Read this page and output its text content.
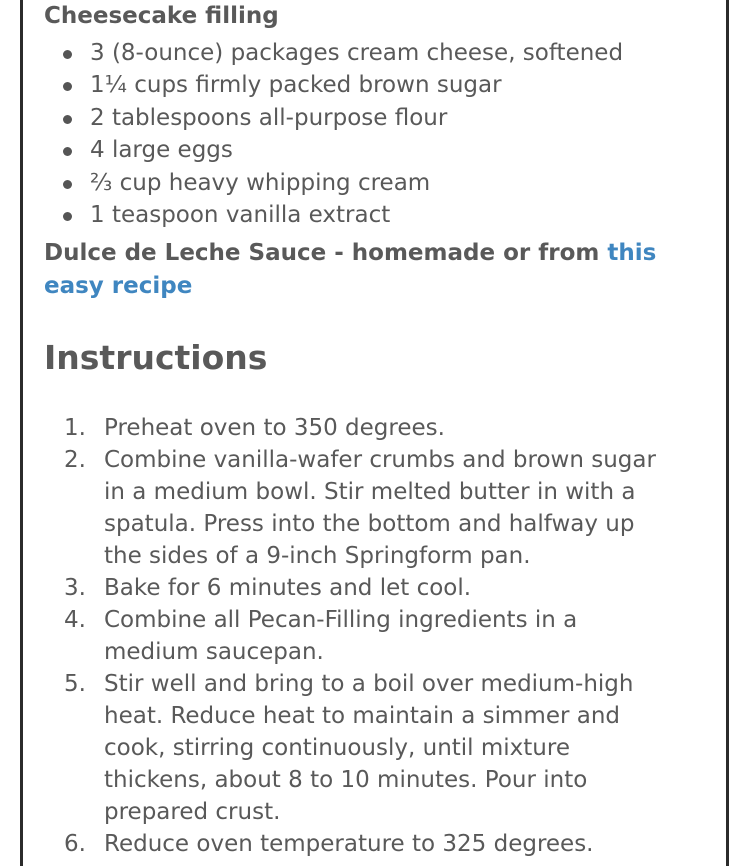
Cheesecake filling
3 (8-ounce) packages cream cheese, softened
1¼ cups firmly packed brown sugar
2 tablespoons all-purpose flour
4 large eggs
⅔ cup heavy whipping cream
1 teaspoon vanilla extract

Dulce de Leche Sauce - homemade or from this
easy recipe

Instructions
1. Preheat oven to 350 degrees.
2. Combine vanilla-wafer crumbs and brown sugar
in a medium bowl. Stir melted butter in with a
spatula. Press into the bottom and halfway up
the sides of a 9-inch Springform pan.
3. Bake for 6 minutes and let cool.
4. Combine all Pecan-Filling ingredients in a
medium saucepan.
5. Stir well and bring to a boil over medium-high
heat. Reduce heat to maintain a simmer and
cook, stirring continuously, until mixture
thickens, about 8 to 10 minutes. Pour into
prepared crust.
6. Reduce oven temperature to 325 degrees.
